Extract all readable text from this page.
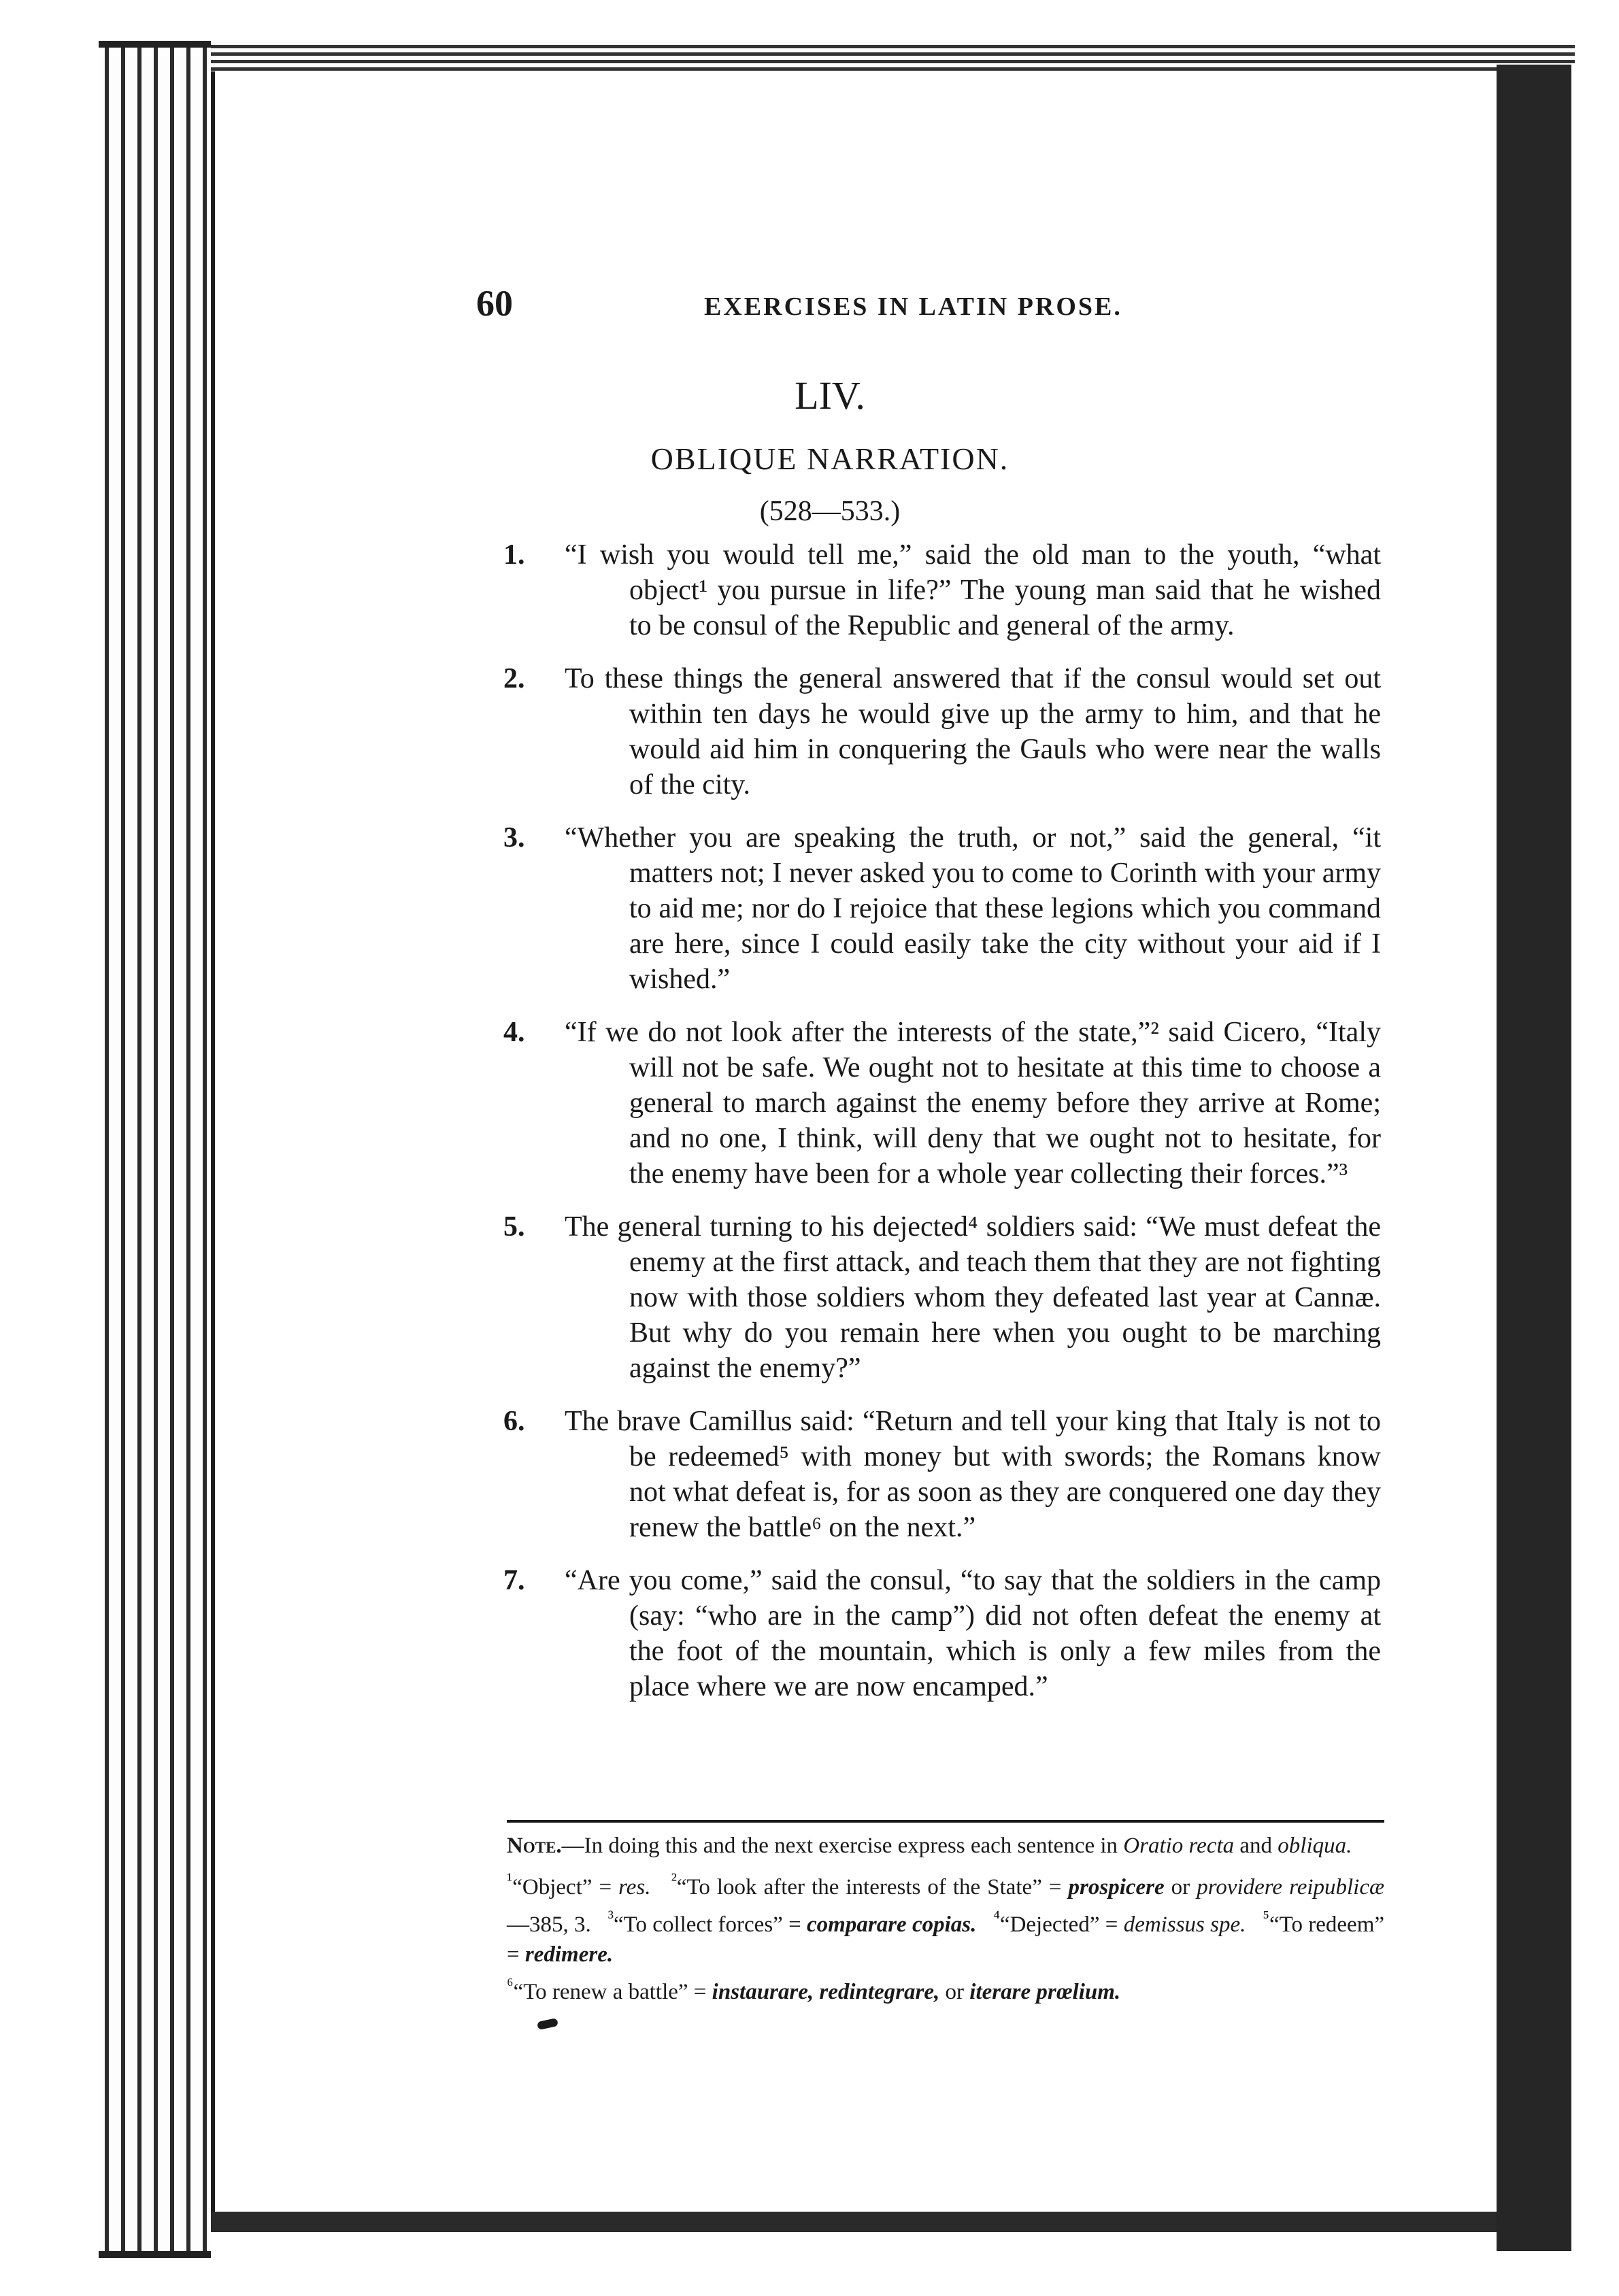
60	EXERCISES IN LATIN PROSE.
LIV.
OBLIQUE NARRATION.
(528—533.)
1. “I wish you would tell me,” said the old man to the youth, “what object¹ you pursue in life?” The young man said that he wished to be consul of the Republic and general of the army.
2. To these things the general answered that if the consul would set out within ten days he would give up the army to him, and that he would aid him in conquering the Gauls who were near the walls of the city.
3. “Whether you are speaking the truth, or not,” said the general, “it matters not; I never asked you to come to Corinth with your army to aid me; nor do I rejoice that these legions which you command are here, since I could easily take the city without your aid if I wished.”
4. “If we do not look after the interests of the state,”² said Cicero, “Italy will not be safe. We ought not to hesitate at this time to choose a general to march against the enemy before they arrive at Rome; and no one, I think, will deny that we ought not to hesitate, for the enemy have been for a whole year collecting their forces.”³
5. The general turning to his dejected⁴ soldiers said: “We must defeat the enemy at the first attack, and teach them that they are not fighting now with those soldiers whom they defeated last year at Cannæ. But why do you remain here when you ought to be marching against the enemy?”
6. The brave Camillus said: “Return and tell your king that Italy is not to be redeemed⁵ with money but with swords; the Romans know not what defeat is, for as soon as they are conquered one day they renew the battle⁶ on the next.”
7. “Are you come,” said the consul, “to say that the soldiers in the camp (say: “who are in the camp”) did not often defeat the enemy at the foot of the mountain, which is only a few miles from the place where we are now encamped.”

Note.—In doing this and the next exercise express each sentence in Oratio recta and obliqua.

$^{^1}$“Object” = res. $^{^2}$“To look after the interests of the State” = prospicere or providere reipublicæ—385, 3. $^{^3}$“To collect forces” = comparare copias. $^{^4}$“Dejected” = demissus spe. $^{^5}$“To redeem” = redimere.
$^{^6}$“To renew a battle” = instaurare, redintegrare, or iterare prœlium.
